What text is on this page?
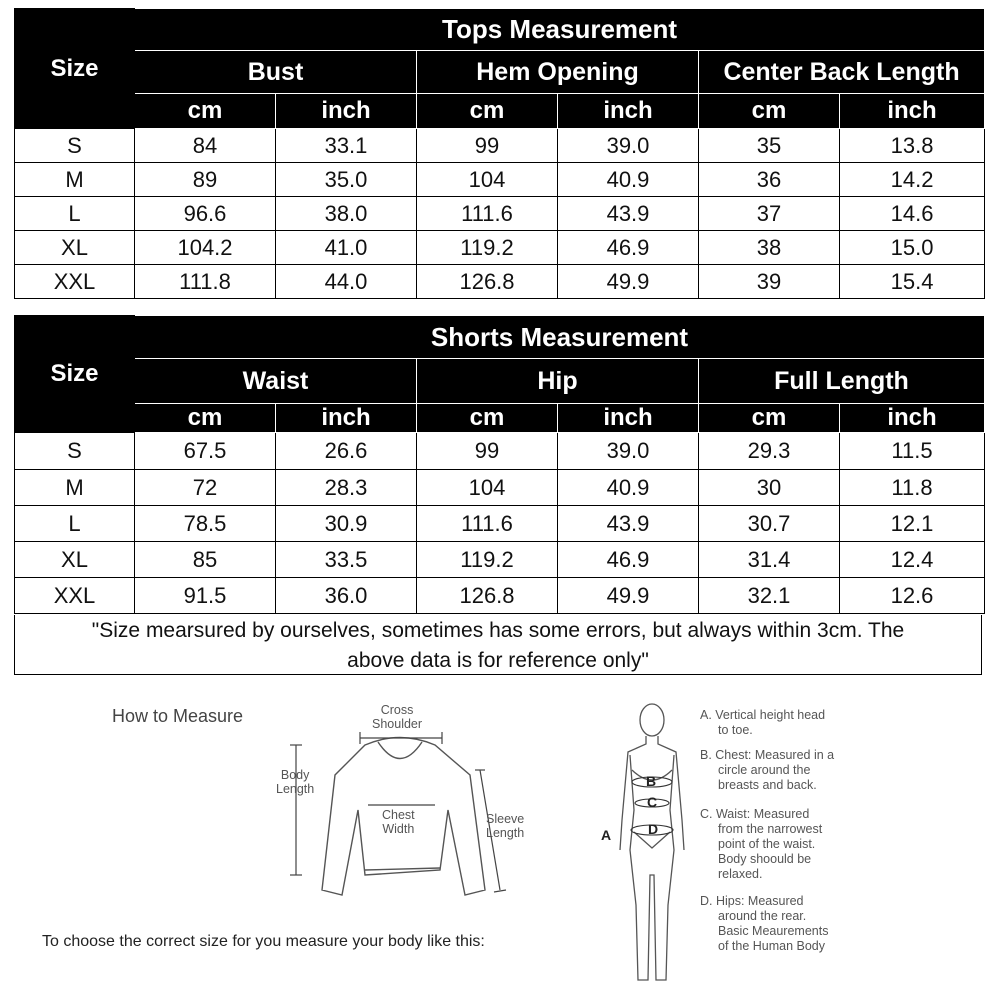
Size	Tops Measurement					
	Bust		Hem Opening		Center Back Length	
	cm	inch	cm	inch	cm	inch
S	84	33.1	99	39.0	35	13.8
M	89	35.0	104	40.9	36	14.2
L	96.6	38.0	111.6	43.9	37	14.6
XL	104.2	41.0	119.2	46.9	38	15.0
XXL	111.8	44.0	126.8	49.9	39	15.4
Size	Shorts Measurement					
	Waist		Hip		Full Length	
	cm	inch	cm	inch	cm	inch
S	67.5	26.6	99	39.0	29.3	11.5
M	72	28.3	104	40.9	30	11.8
L	78.5	30.9	111.6	43.9	30.7	12.1
XL	85	33.5	119.2	46.9	31.4	12.4
XXL	91.5	36.0	126.8	49.9	32.1	12.6
"Size mearsured by ourselves, sometimes has some errors, but always within 3cm. The
above data is for reference only"
How to Measure	Cross
Shoulder
Body
Length
Chest
Width
Sleeve
Length
To choose the correct size for you measure your body like this:
A
B
C
D

A. Vertical height head
to toe.

B. Chest: Measured in a
circle around the
breasts and back.

C. Waist: Measured
from the narrowest
point of the waist.
Body shoould be
relaxed.

D. Hips: Measured
around the rear.
Basic Meaurements
of the Human Body
